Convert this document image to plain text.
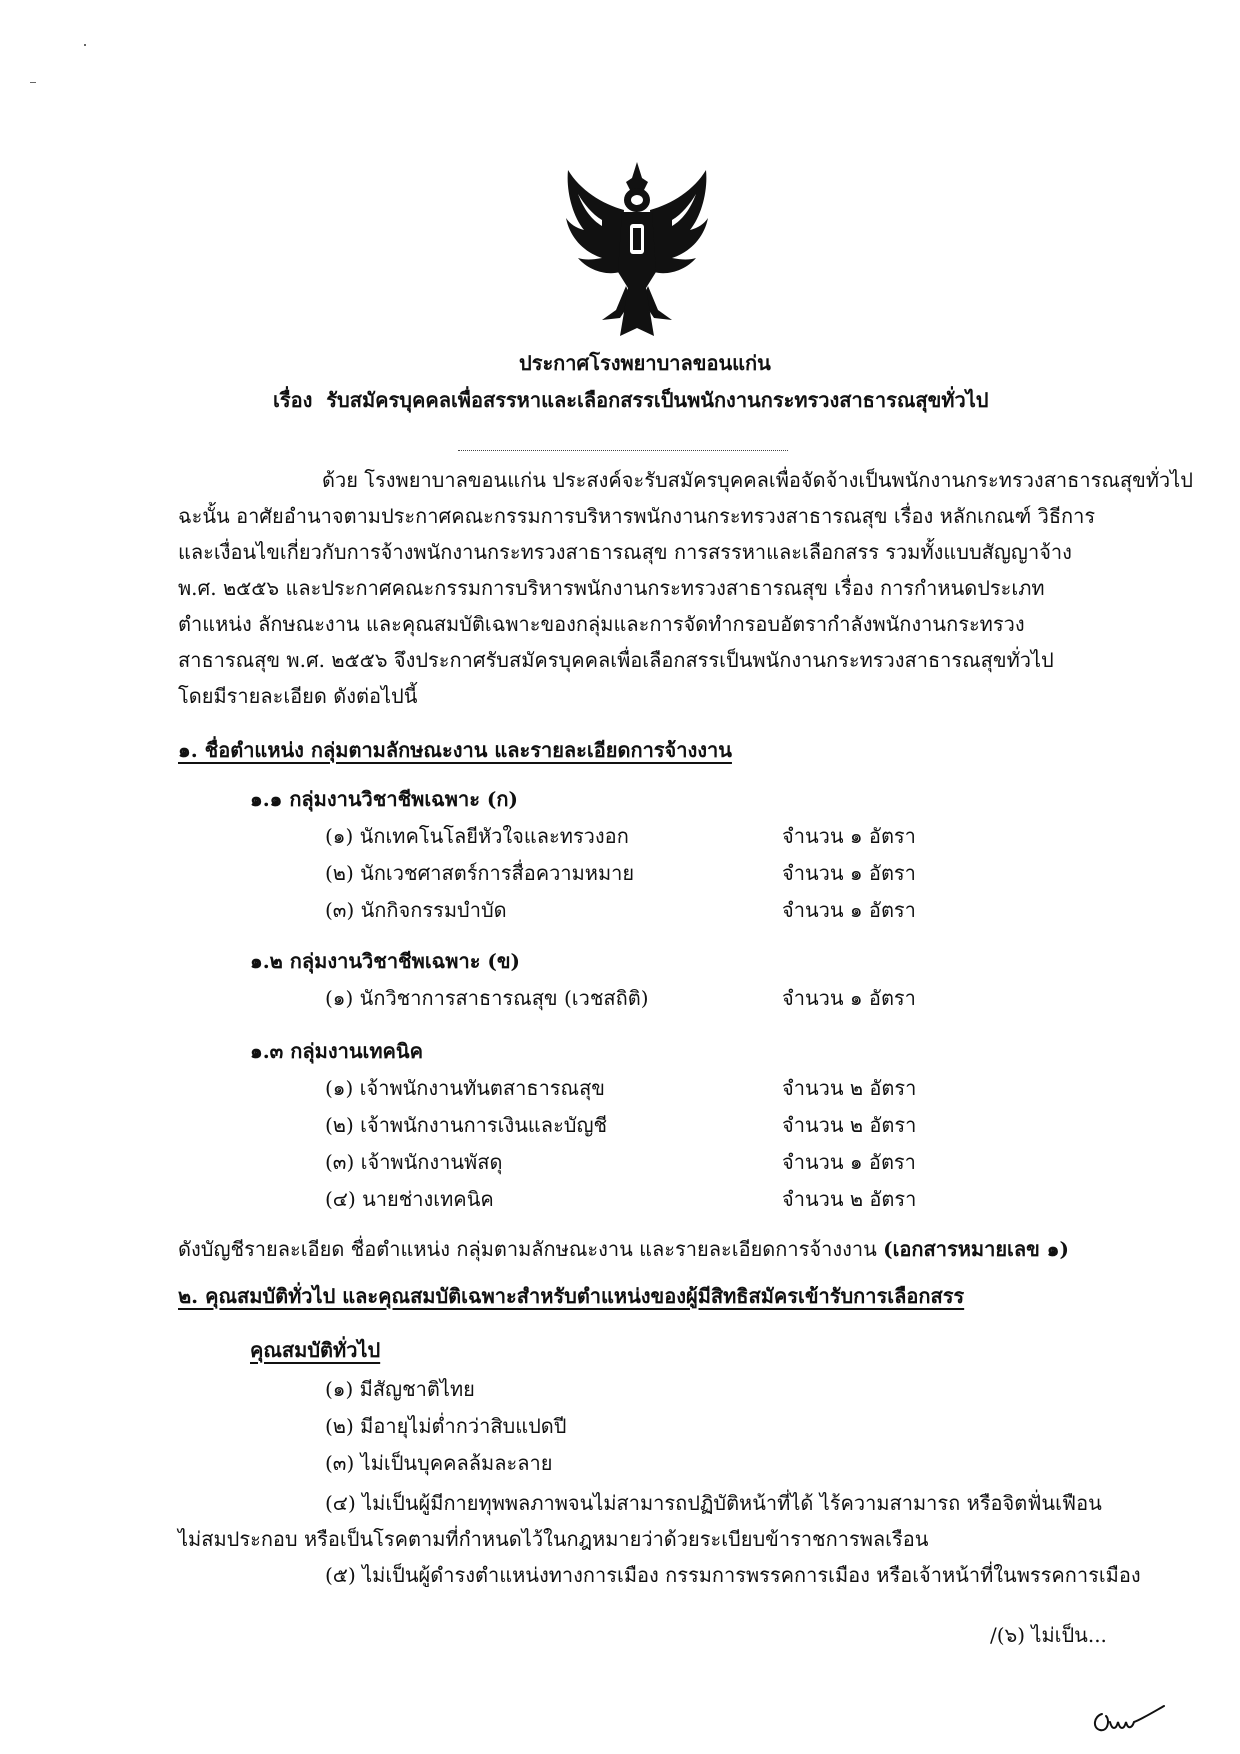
ประกาศโรงพยาบาลขอนแก่น
เรื่อง รับสมัครบุคคลเพื่อสรรหาและเลือกสรรเป็นพนักงานกระทรวงสาธารณสุขทั่วไป
ด้วย โรงพยาบาลขอนแก่น ประสงค์จะรับสมัครบุคคลเพื่อจัดจ้างเป็นพนักงานกระทรวงสาธารณสุขทั่วไป
ฉะนั้น อาศัยอำนาจตามประกาศคณะกรรมการบริหารพนักงานกระทรวงสาธารณสุข เรื่อง หลักเกณฑ์ วิธีการ
และเงื่อนไขเกี่ยวกับการจ้างพนักงานกระทรวงสาธารณสุข การสรรหาและเลือกสรร รวมทั้งแบบสัญญาจ้าง
พ.ศ. ๒๕๕๖ และประกาศคณะกรรมการบริหารพนักงานกระทรวงสาธารณสุข เรื่อง การกำหนดประเภท
ตำแหน่ง ลักษณะงาน และคุณสมบัติเฉพาะของกลุ่มและการจัดทำกรอบอัตรากำลังพนักงานกระทรวง
สาธารณสุข พ.ศ. ๒๕๕๖ จึงประกาศรับสมัครบุคคลเพื่อเลือกสรรเป็นพนักงานกระทรวงสาธารณสุขทั่วไป
โดยมีรายละเอียด ดังต่อไปนี้
๑. ชื่อตำแหน่ง กลุ่มตามลักษณะงาน และรายละเอียดการจ้างงาน
๑.๑ กลุ่มงานวิชาชีพเฉพาะ (ก)
(๑) นักเทคโนโลยีหัวใจและทรวงอก	จำนวน ๑ อัตรา
(๒) นักเวชศาสตร์การสื่อความหมาย	จำนวน ๑ อัตรา
(๓) นักกิจกรรมบำบัด	จำนวน ๑ อัตรา
๑.๒ กลุ่มงานวิชาชีพเฉพาะ (ข)
(๑) นักวิชาการสาธารณสุข (เวชสถิติ)	จำนวน ๑ อัตรา
๑.๓ กลุ่มงานเทคนิค
(๑) เจ้าพนักงานทันตสาธารณสุข	จำนวน ๒ อัตรา
(๒) เจ้าพนักงานการเงินและบัญชี	จำนวน ๒ อัตรา
(๓) เจ้าพนักงานพัสดุ	จำนวน ๑ อัตรา
(๔) นายช่างเทคนิค	จำนวน ๒ อัตรา
ดังบัญชีรายละเอียด ชื่อตำแหน่ง กลุ่มตามลักษณะงาน และรายละเอียดการจ้างงาน (เอกสารหมายเลข ๑)
๒. คุณสมบัติทั่วไป และคุณสมบัติเฉพาะสำหรับตำแหน่งของผู้มีสิทธิสมัครเข้ารับการเลือกสรร
คุณสมบัติทั่วไป
(๑) มีสัญชาติไทย
(๒) มีอายุไม่ต่ำกว่าสิบแปดปี
(๓) ไม่เป็นบุคคลล้มละลาย
(๔) ไม่เป็นผู้มีกายทุพพลภาพจนไม่สามารถปฏิบัติหน้าที่ได้ ไร้ความสามารถ หรือจิตฟั่นเฟือน
ไม่สมประกอบ หรือเป็นโรคตามที่กำหนดไว้ในกฎหมายว่าด้วยระเบียบข้าราชการพลเรือน
(๕) ไม่เป็นผู้ดำรงตำแหน่งทางการเมือง กรรมการพรรคการเมือง หรือเจ้าหน้าที่ในพรรคการเมือง
/(๖) ไม่เป็น...
